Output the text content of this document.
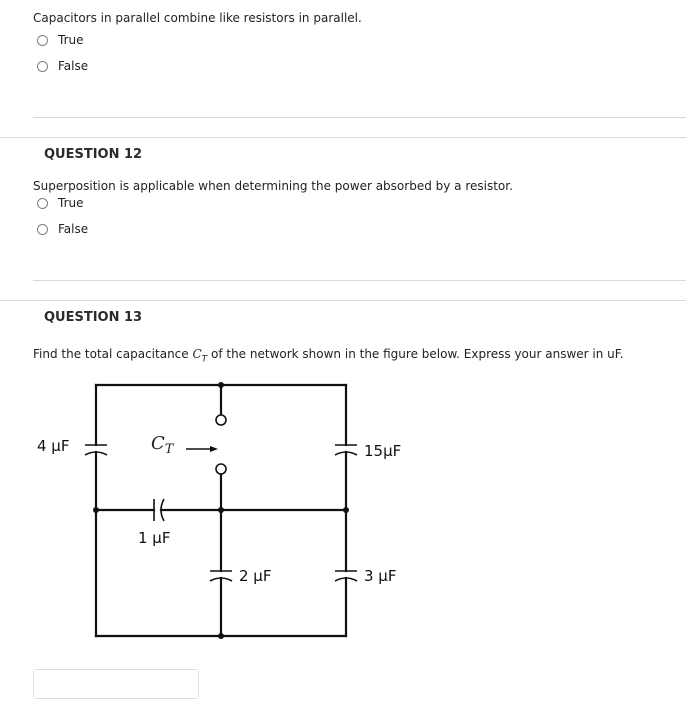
Capacitors in parallel combine like resistors in parallel.
True
False
QUESTION 12
Superposition is applicable when determining the power absorbed by a resistor.
True
False
QUESTION 13
Find the total capacitance $C_T$ of the network shown in the figure below. Express your answer in uF.
4 µF	$C_T$	15µF
1 µF
2 µF	3 µF
